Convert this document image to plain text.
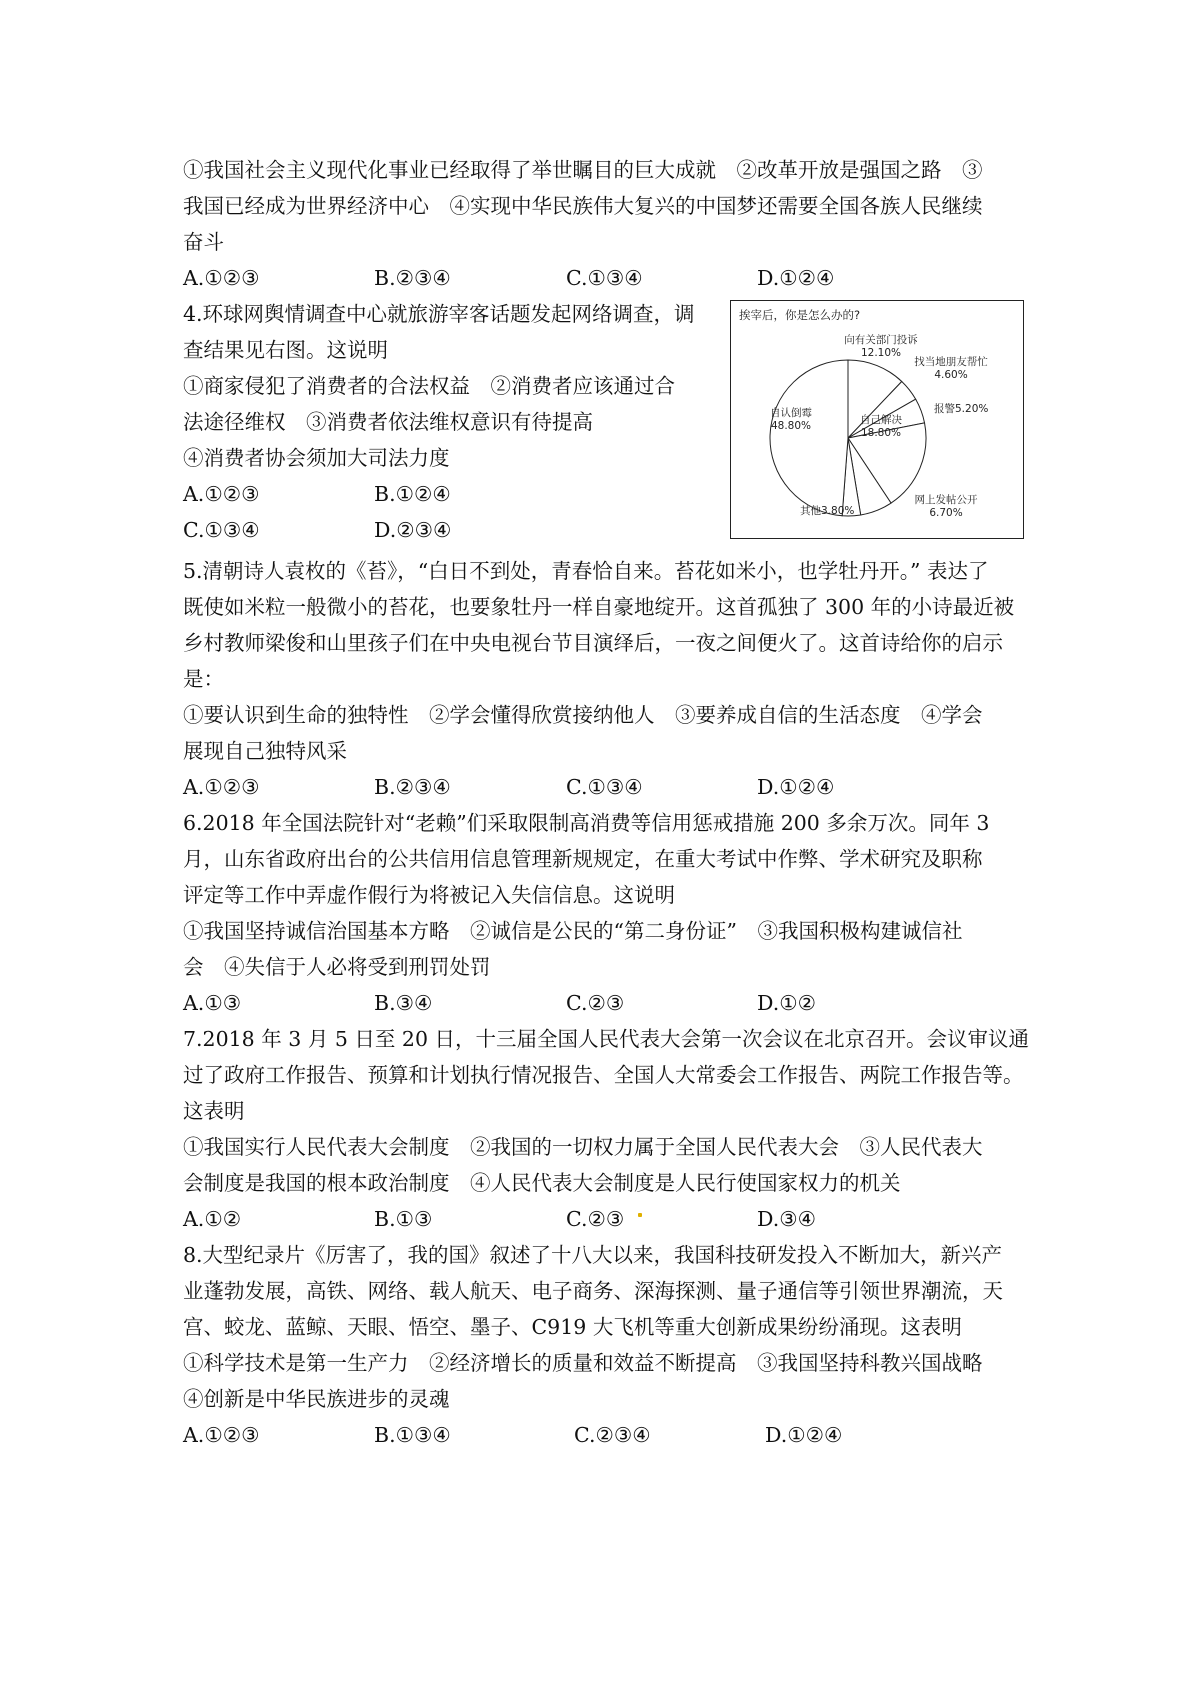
①我国社会主义现代化事业已经取得了举世瞩目的巨大成就　②改革开放是强国之路　③
我国已经成为世界经济中心　④实现中华民族伟大复兴的中国梦还需要全国各族人民继续
奋斗
A.①②③	B.②③④	C.①③④	D.①②④
4.环球网舆情调查中心就旅游宰客话题发起网络调查，调
查结果见右图。这说明
①商家侵犯了消费者的合法权益　②消费者应该通过合
法途径维权　③消费者依法维权意识有待提高
④消费者协会须加大司法力度
A.①②③	B.①②④
C.①③④	D.②③④
挨宰后，你是怎么办的?
向有关部门投诉
12.10%
找当地朋友帮忙
4.60%
报警 5.20%
自己解决
18.80%
网上发帖公开
6.70%
其他 3.80%
自认倒霉
48.80%
5.清朝诗人袁枚的《苔》，“白日不到处，青春恰自来。苔花如米小，也学牡丹开。” 表达了
既使如米粒一般微小的苔花，也要象牡丹一样自豪地绽开。这首孤独了 300 年的小诗最近被
乡村教师梁俊和山里孩子们在中央电视台节目演绎后，一夜之间便火了。这首诗给你的启示
是：
①要认识到生命的独特性　②学会懂得欣赏接纳他人　③要养成自信的生活态度　④学会
展现自己独特风采
A.①②③	B.②③④	C.①③④	D.①②④
6.2018 年全国法院针对“老赖”们采取限制高消费等信用惩戒措施 200 多余万次。同年 3
月，山东省政府出台的公共信用信息管理新规规定，在重大考试中作弊、学术研究及职称
评定等工作中弄虚作假行为将被记入失信信息。这说明
①我国坚持诚信治国基本方略　②诚信是公民的“第二身份证”　③我国积极构建诚信社
会　④失信于人必将受到刑罚处罚
A.①③	B.③④	C.②③	D.①②
7.2018 年 3 月 5 日至 20 日，十三届全国人民代表大会第一次会议在北京召开。会议审议通
过了政府工作报告、预算和计划执行情况报告、全国人大常委会工作报告、两院工作报告等。
这表明
①我国实行人民代表大会制度　②我国的一切权力属于全国人民代表大会　③人民代表大
会制度是我国的根本政治制度　④人民代表大会制度是人民行使国家权力的机关
A.①②	B.①③	C.②③	D.③④
8.大型纪录片《厉害了，我的国》叙述了十八大以来，我国科技研发投入不断加大，新兴产
业蓬勃发展，高铁、网络、载人航天、电子商务、深海探测、量子通信等引领世界潮流，天
宫、蛟龙、蓝鲸、天眼、悟空、墨子、C919 大飞机等重大创新成果纷纷涌现。这表明
①科学技术是第一生产力　②经济增长的质量和效益不断提高　③我国坚持科教兴国战略
④创新是中华民族进步的灵魂
A.①②③	B.①③④	C.②③④	D.①②④
